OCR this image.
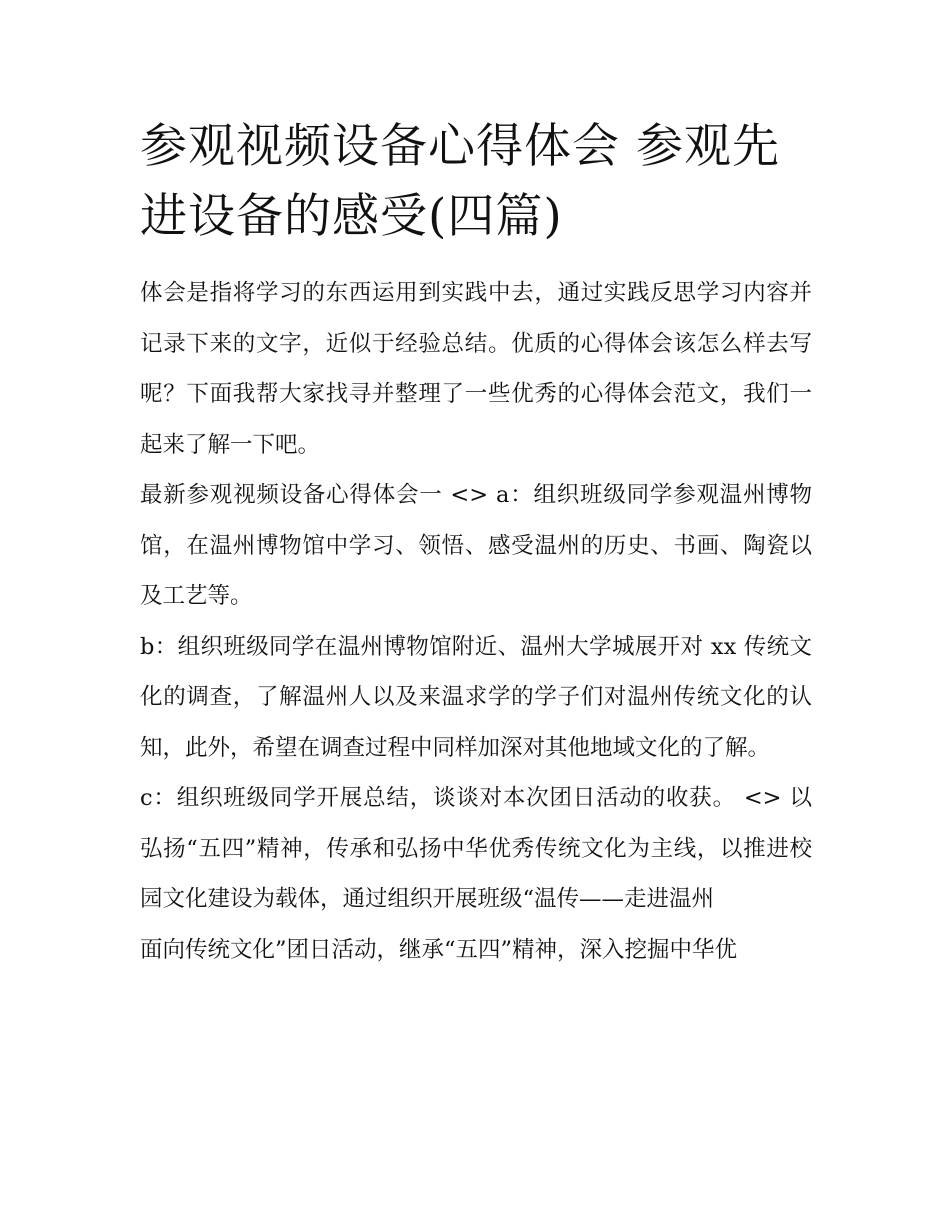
参观视频设备心得体会 参观先进设备的感受(四篇)

体会是指将学习的东西运用到实践中去，通过实践反思学习内容并记录下来的文字，近似于经验总结。优质的心得体会该怎么样去写呢？下面我帮大家找寻并整理了一些优秀的心得体会范文，我们一起来了解一下吧。

最新参观视频设备心得体会一 <> a：组织班级同学参观温州博物馆，在温州博物馆中学习、领悟、感受温州的历史、书画、陶瓷以及工艺等。

b：组织班级同学在温州博物馆附近、温州大学城展开对 xx 传统文化的调查，了解温州人以及来温求学的学子们对温州传统文化的认知，此外，希望在调查过程中同样加深对其他地域文化的了解。

c：组织班级同学开展总结，谈谈对本次团日活动的收获。 <> 以弘扬“五四”精神，传承和弘扬中华优秀传统文化为主线，以推进校园文化建设为载体，通过组织开展班级“温传——走进温州

面向传统文化”团日活动，继承“五四”精神，深入挖掘中华优
